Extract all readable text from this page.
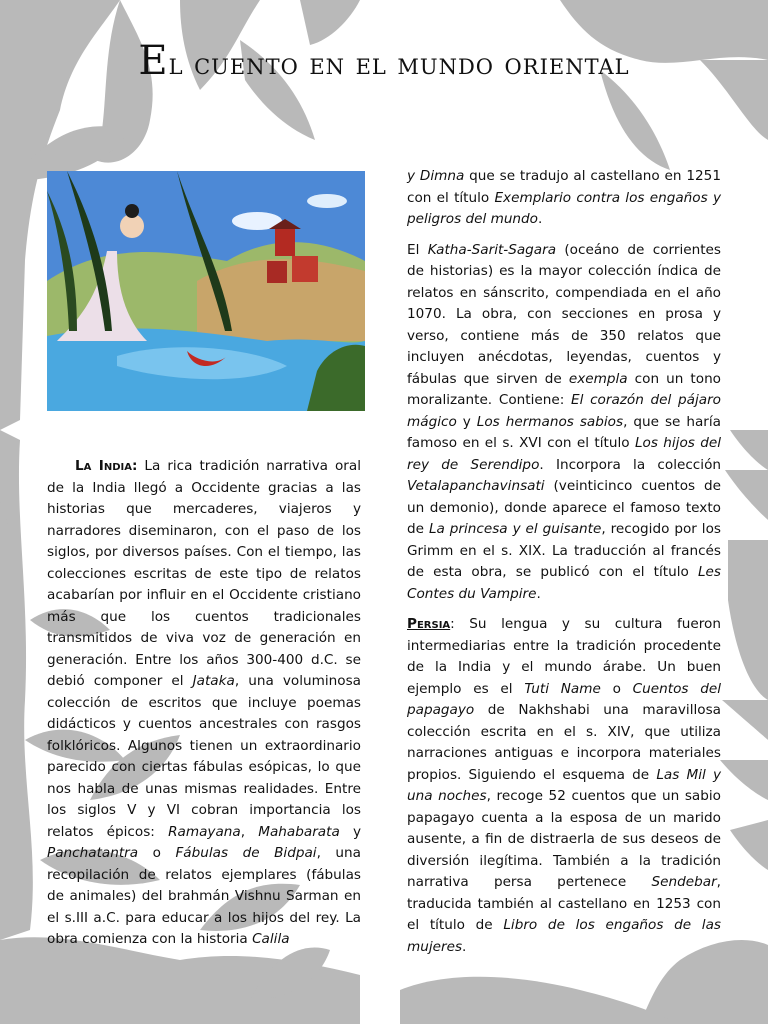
El cuento en el mundo oriental

La India: La rica tradición narrativa oral de la India llegó a Occidente gracias a las historias que mercaderes, viajeros y narradores diseminaron, con el paso de los siglos, por diversos países. Con el tiempo, las colecciones escritas de este tipo de relatos acabarían por influir en el Occidente cristiano más que los cuentos tradicionales transmitidos de viva voz de generación en generación. Entre los años 300-400 d.C. se debió componer el Jataka, una voluminosa colección de escritos que incluye poemas didácticos y cuentos ancestrales con rasgos folklóricos. Algunos tienen un extraordinario parecido con ciertas fábulas esópicas, lo que nos habla de unas mismas realidades. Entre los siglos V y VI cobran importancia los relatos épicos: Ramayana, Mahabarata y Panchatantra o Fábulas de Bidpai, una recopilación de relatos ejemplares (fábulas de animales) del brahmán Vishnu Sarman en el s.III a.C. para educar a los hijos del rey. La obra comienza con la historia Calila

y Dimna que se tradujo al castellano en 1251 con el título Exemplario contra los engaños y peligros del mundo.

El Katha-Sarit-Sagara (oceáno de corrientes de historias) es la mayor colección índica de relatos en sánscrito, compendiada en el año 1070. La obra, con secciones en prosa y verso, contiene más de 350 relatos que incluyen anécdotas, leyendas, cuentos y fábulas que sirven de exempla con un tono moralizante. Contiene: El corazón del pájaro mágico y Los hermanos sabios, que se haría famoso en el s. XVI con el título Los hijos del rey de Serendipo. Incorpora la colección Vetalapanchavinsati (veinticinco cuentos de un demonio), donde aparece el famoso texto de La princesa y el guisante, recogido por los Grimm en el s. XIX. La traducción al francés de esta obra, se publicó con el título Les Contes du Vampire.

Persia: Su lengua y su cultura fueron intermediarias entre la tradición procedente de la India y el mundo árabe. Un buen ejemplo es el Tuti Name o Cuentos del papagayo de Nakhshabi una maravillosa colección escrita en el s. XIV, que utiliza narraciones antiguas e incorpora materiales propios. Siguiendo el esquema de Las Mil y una noches, recoge 52 cuentos que un sabio papagayo cuenta a la esposa de un marido ausente, a fin de distraerla de sus deseos de diversión ilegítima. También a la tradición narrativa persa pertenece Sendebar, traducida también al castellano en 1253 con el título de Libro de los engaños de las mujeres.
